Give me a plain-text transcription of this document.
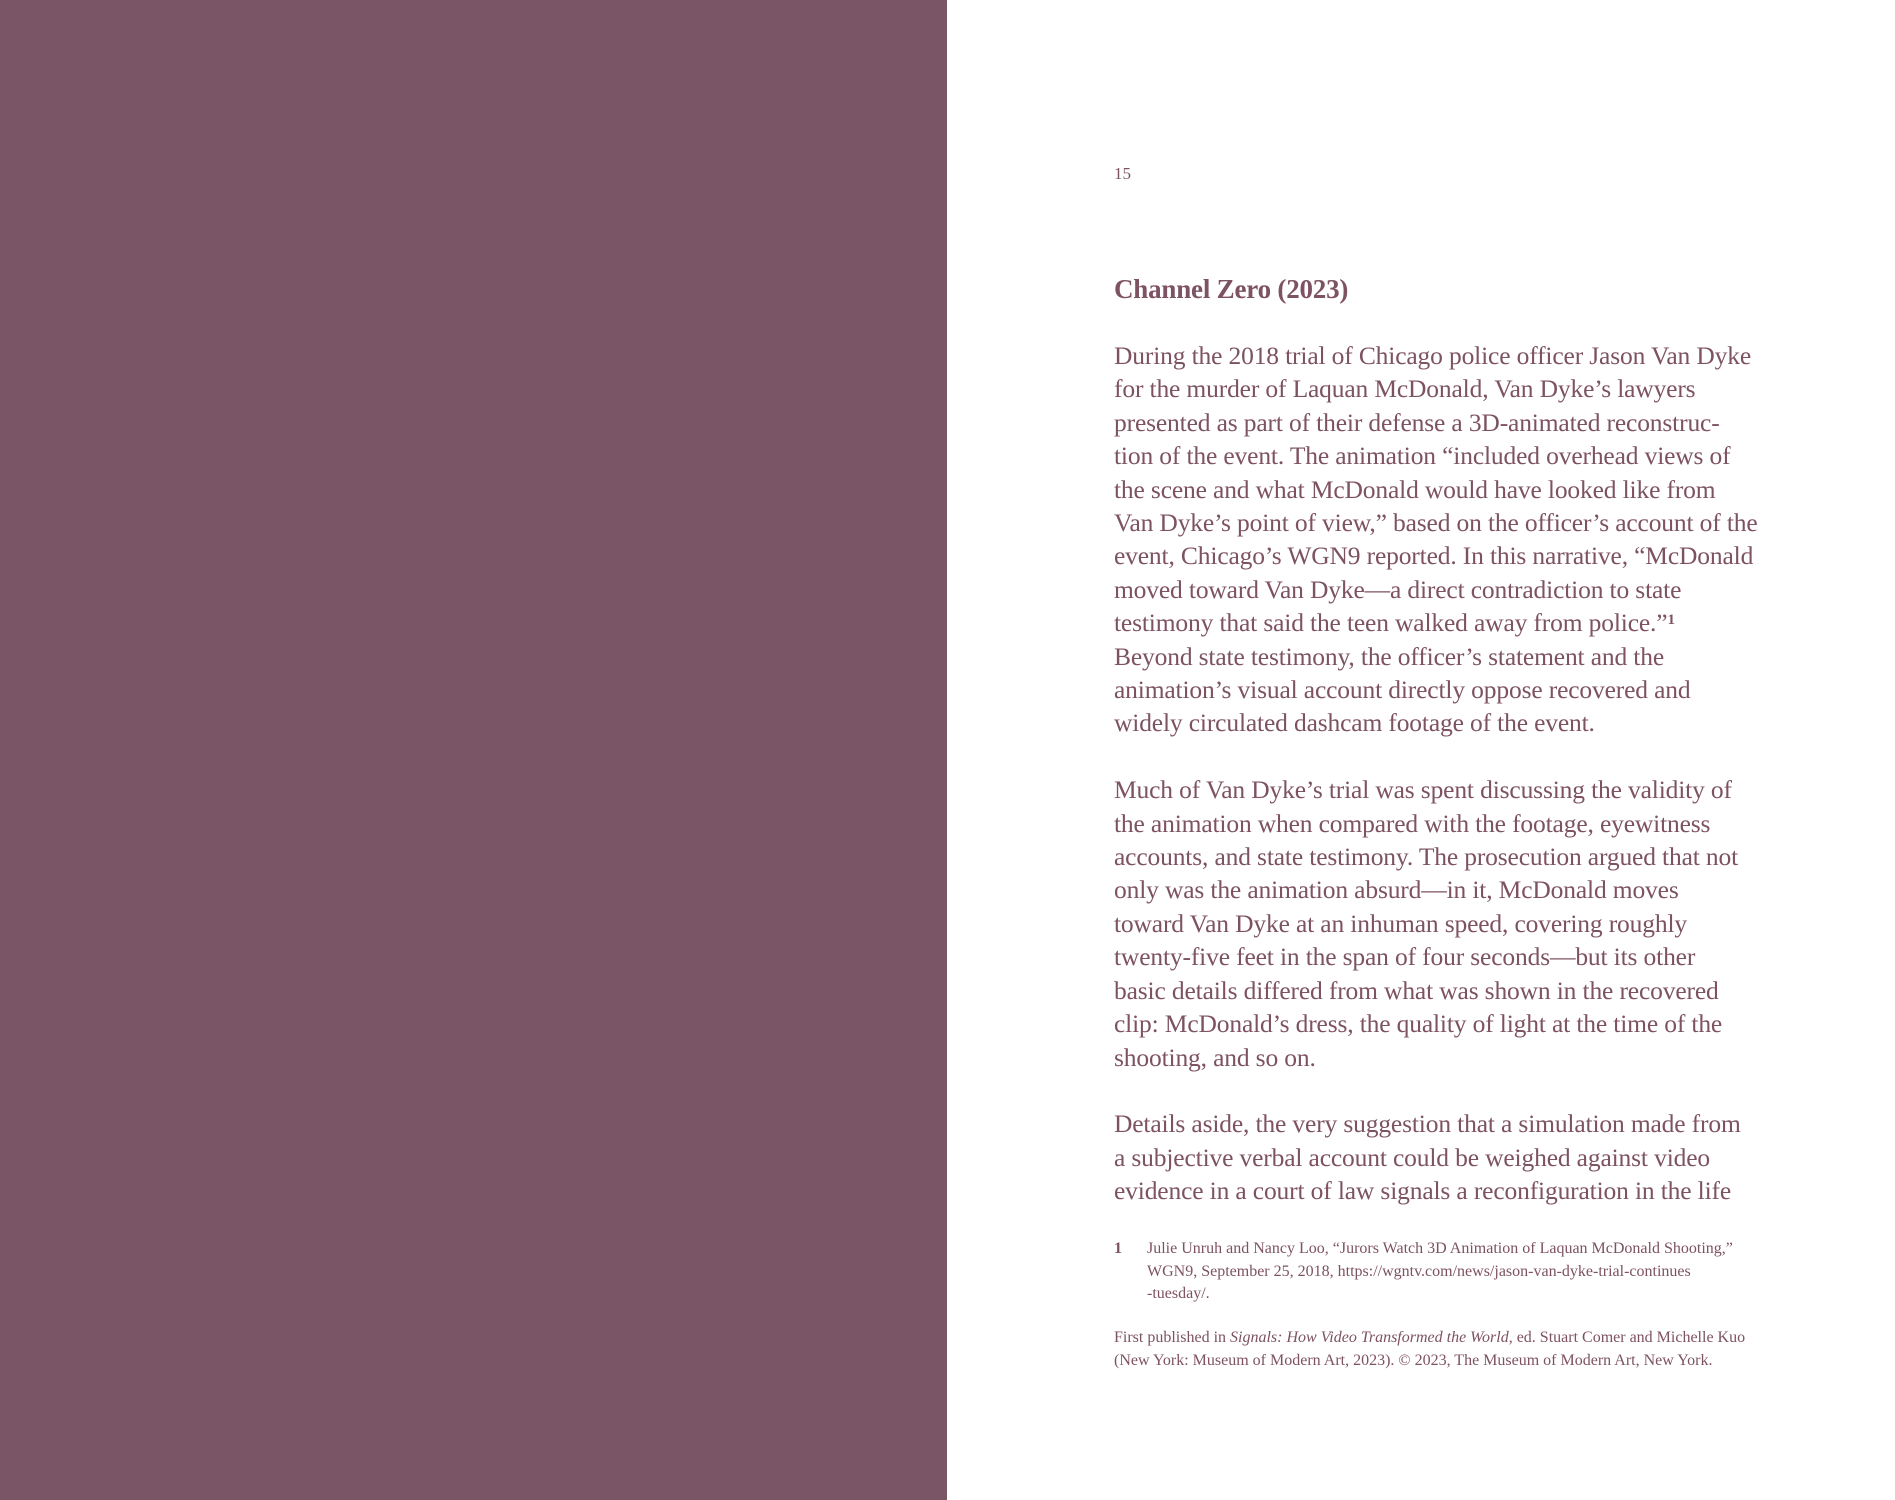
15
Channel Zero (2023)
During the 2018 trial of Chicago police officer Jason Van Dyke
for the murder of Laquan McDonald, Van Dyke’s lawyers
presented as part of their defense a 3D-animated reconstruc-
tion of the event. The animation “included overhead views of
the scene and what McDonald would have looked like from
Van Dyke’s point of view,” based on the officer’s account of the
event, Chicago’s WGN9 reported. In this narrative, “McDonald
moved toward Van Dyke—a direct contradiction to state
testimony that said the teen walked away from police.”$^1$
Beyond state testimony, the officer’s statement and the
animation’s visual account directly oppose recovered and
widely circulated dashcam footage of the event.
Much of Van Dyke’s trial was spent discussing the validity of
the animation when compared with the footage, eyewitness
accounts, and state testimony. The prosecution argued that not
only was the animation absurd—in it, McDonald moves
toward Van Dyke at an inhuman speed, covering roughly
twenty-five feet in the span of four seconds—but its other
basic details differed from what was shown in the recovered
clip: McDonald’s dress, the quality of light at the time of the
shooting, and so on.
Details aside, the very suggestion that a simulation made from
a subjective verbal account could be weighed against video
evidence in a court of law signals a reconfiguration in the life
1 Julie Unruh and Nancy Loo, “Jurors Watch 3D Animation of Laquan McDonald Shooting,”
WGN9, September 25, 2018, https://wgntv.com/news/jason-van-dyke-trial-continues
-tuesday/.
First published in Signals: How Video Transformed the World, ed. Stuart Comer and Michelle Kuo
(New York: Museum of Modern Art, 2023). © 2023, The Museum of Modern Art, New York.
